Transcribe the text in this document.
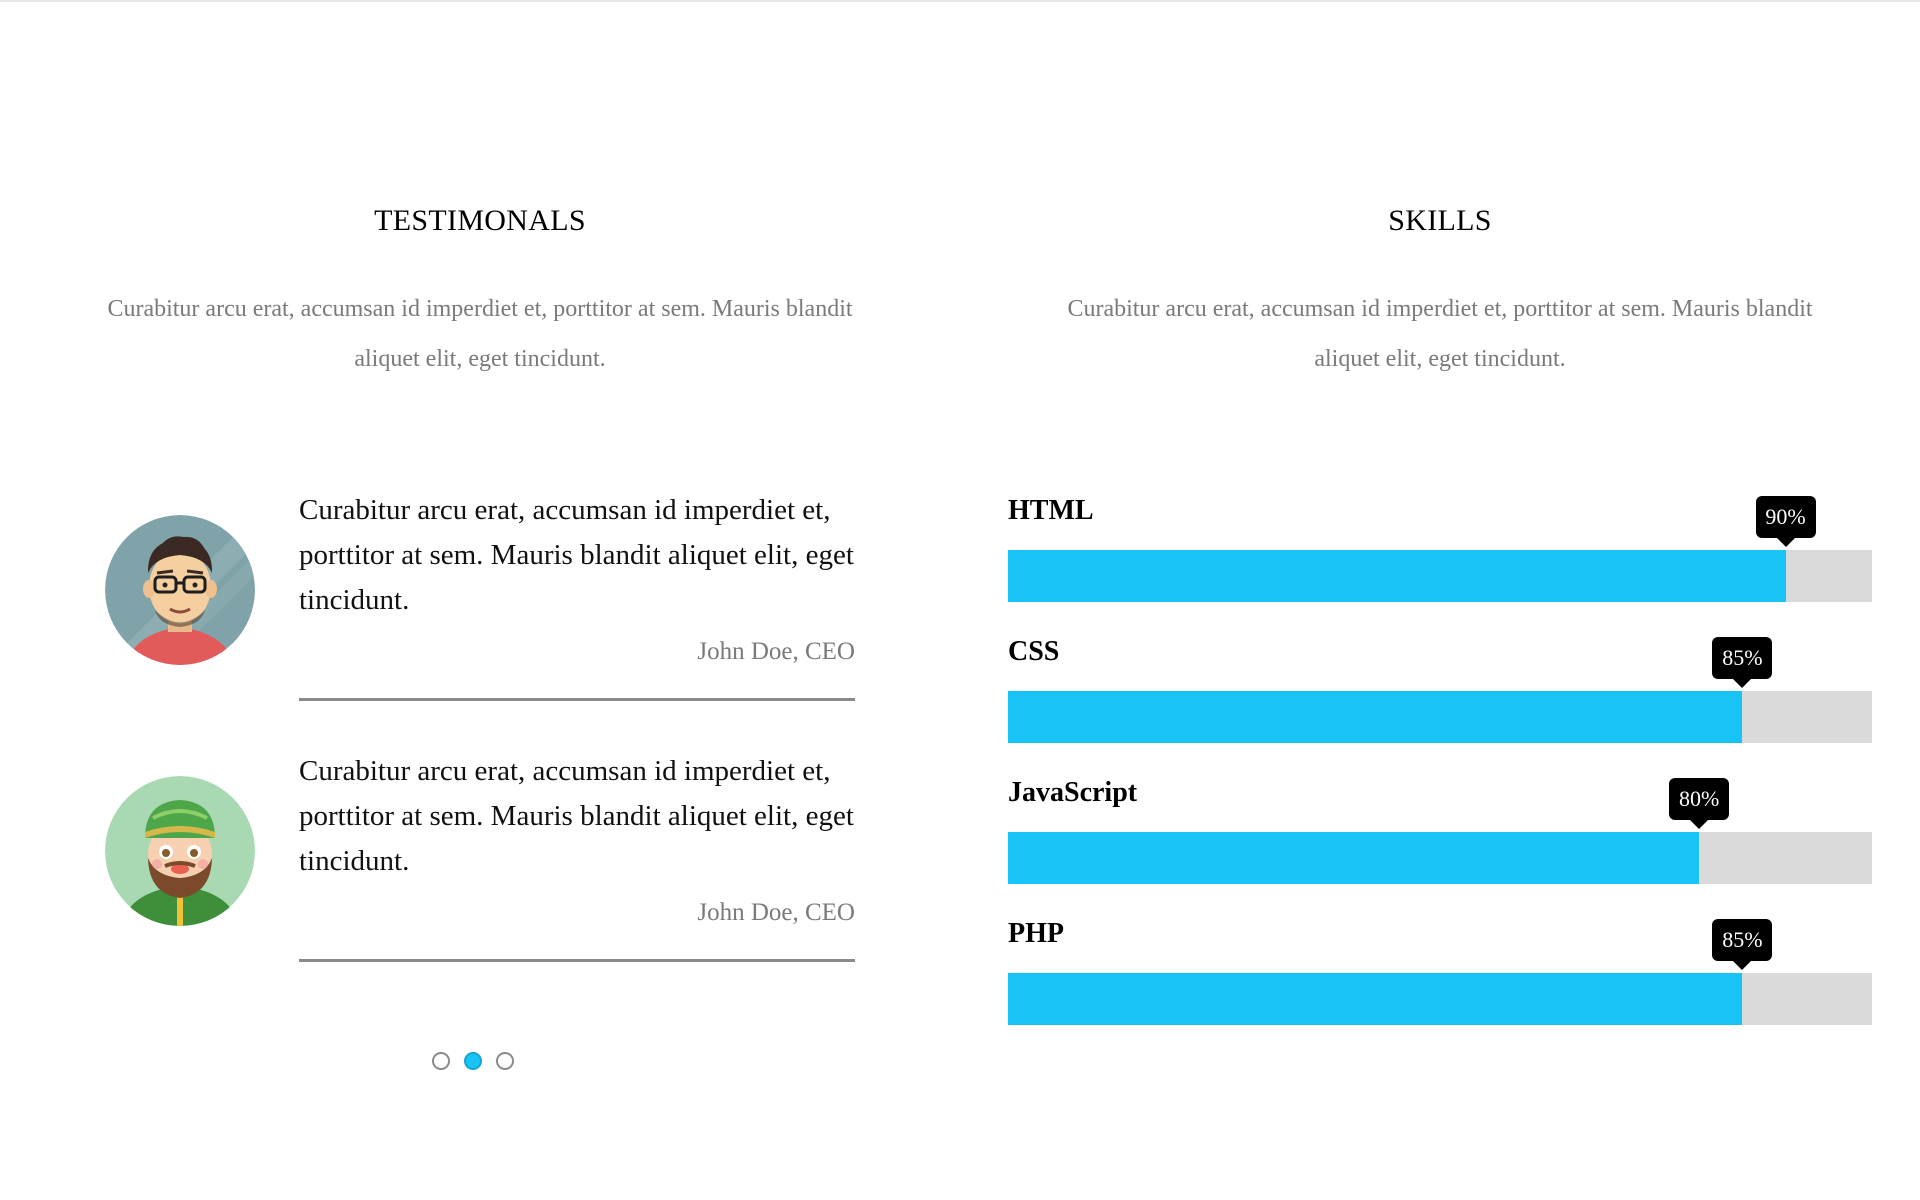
TESTIMONALS
Curabitur arcu erat, accumsan id imperdiet et, porttitor at sem. Mauris blandit aliquet elit, eget tincidunt.
Curabitur arcu erat, accumsan id imperdiet et, porttitor at sem. Mauris blandit aliquet elit, eget tincidunt.
John Doe, CEO
Curabitur arcu erat, accumsan id imperdiet et, porttitor at sem. Mauris blandit aliquet elit, eget tincidunt.
John Doe, CEO
SKILLS
Curabitur arcu erat, accumsan id imperdiet et, porttitor at sem. Mauris blandit aliquet elit, eget tincidunt.
HTML	90%
CSS	85%
JavaScript	80%
PHP	85%
